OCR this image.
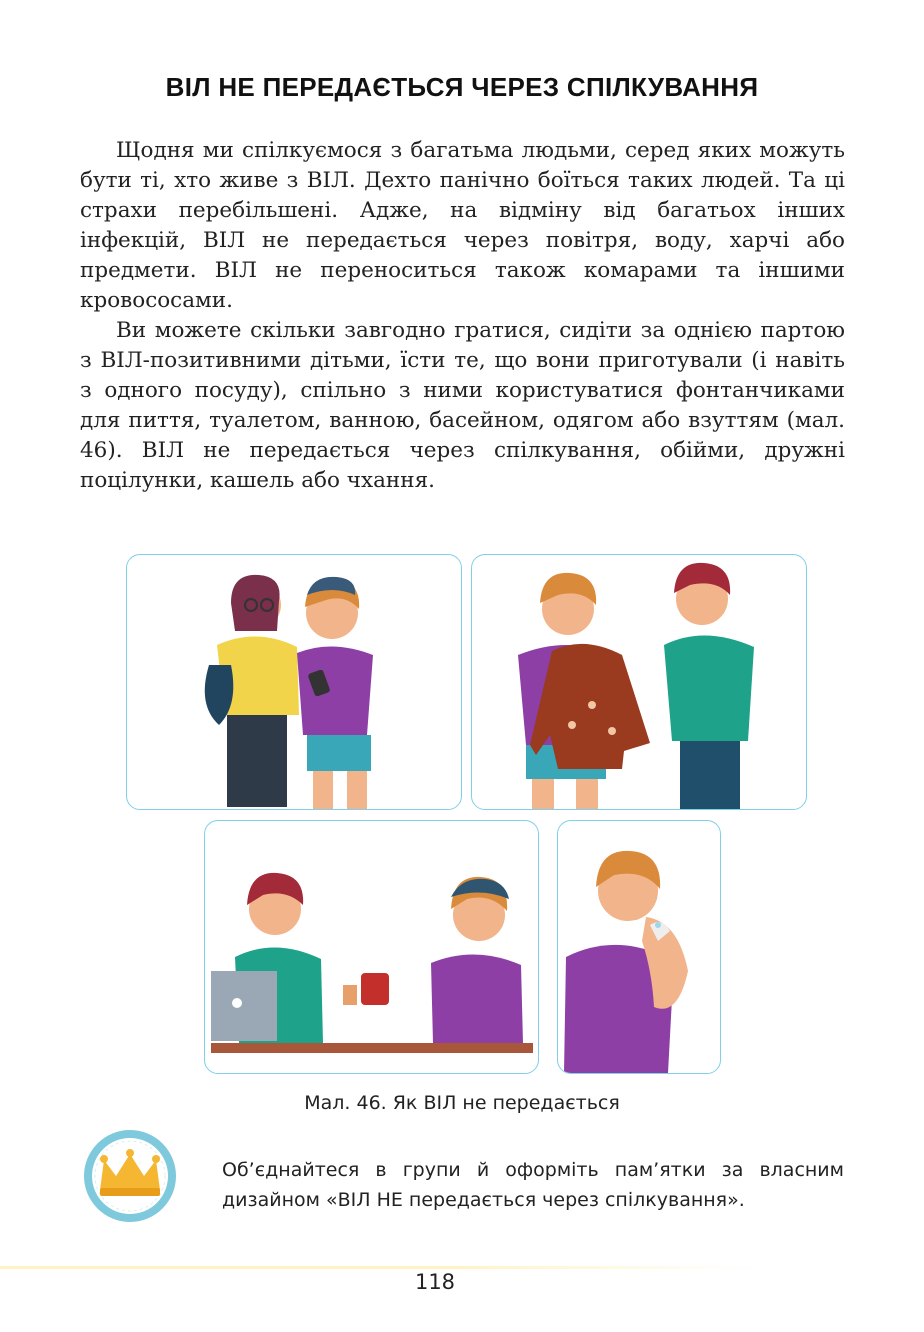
ВІЛ НЕ ПЕРЕДАЄТЬСЯ ЧЕРЕЗ СПІЛКУВАННЯ

Щодня ми спілкуємося з багатьма людьми, серед яких можуть бути ті, хто живе з ВІЛ. Дехто панічно боїться таких людей. Та ці страхи перебільшені. Адже, на відміну від багатьох інших інфекцій, ВІЛ не передається через повітря, воду, харчі або предмети. ВІЛ не переноситься також комарами та іншими кровососами.

Ви можете скільки завгодно гратися, сидіти за однією партою з ВІЛ-позитивними дітьми, їсти те, що вони приготували (і навіть з одного посуду), спільно з ними користуватися фонтанчиками для пиття, туалетом, ванною, басейном, одягом або взуттям (мал. 46). ВІЛ не передається через спілкування, обійми, дружні поцілунки, кашель або чхання.

Мал. 46. Як ВІЛ не передається
Об’єднайтеся в групи й оформіть пам’ятки за власним дизайном «ВІЛ НЕ передається через спілкування».
118
